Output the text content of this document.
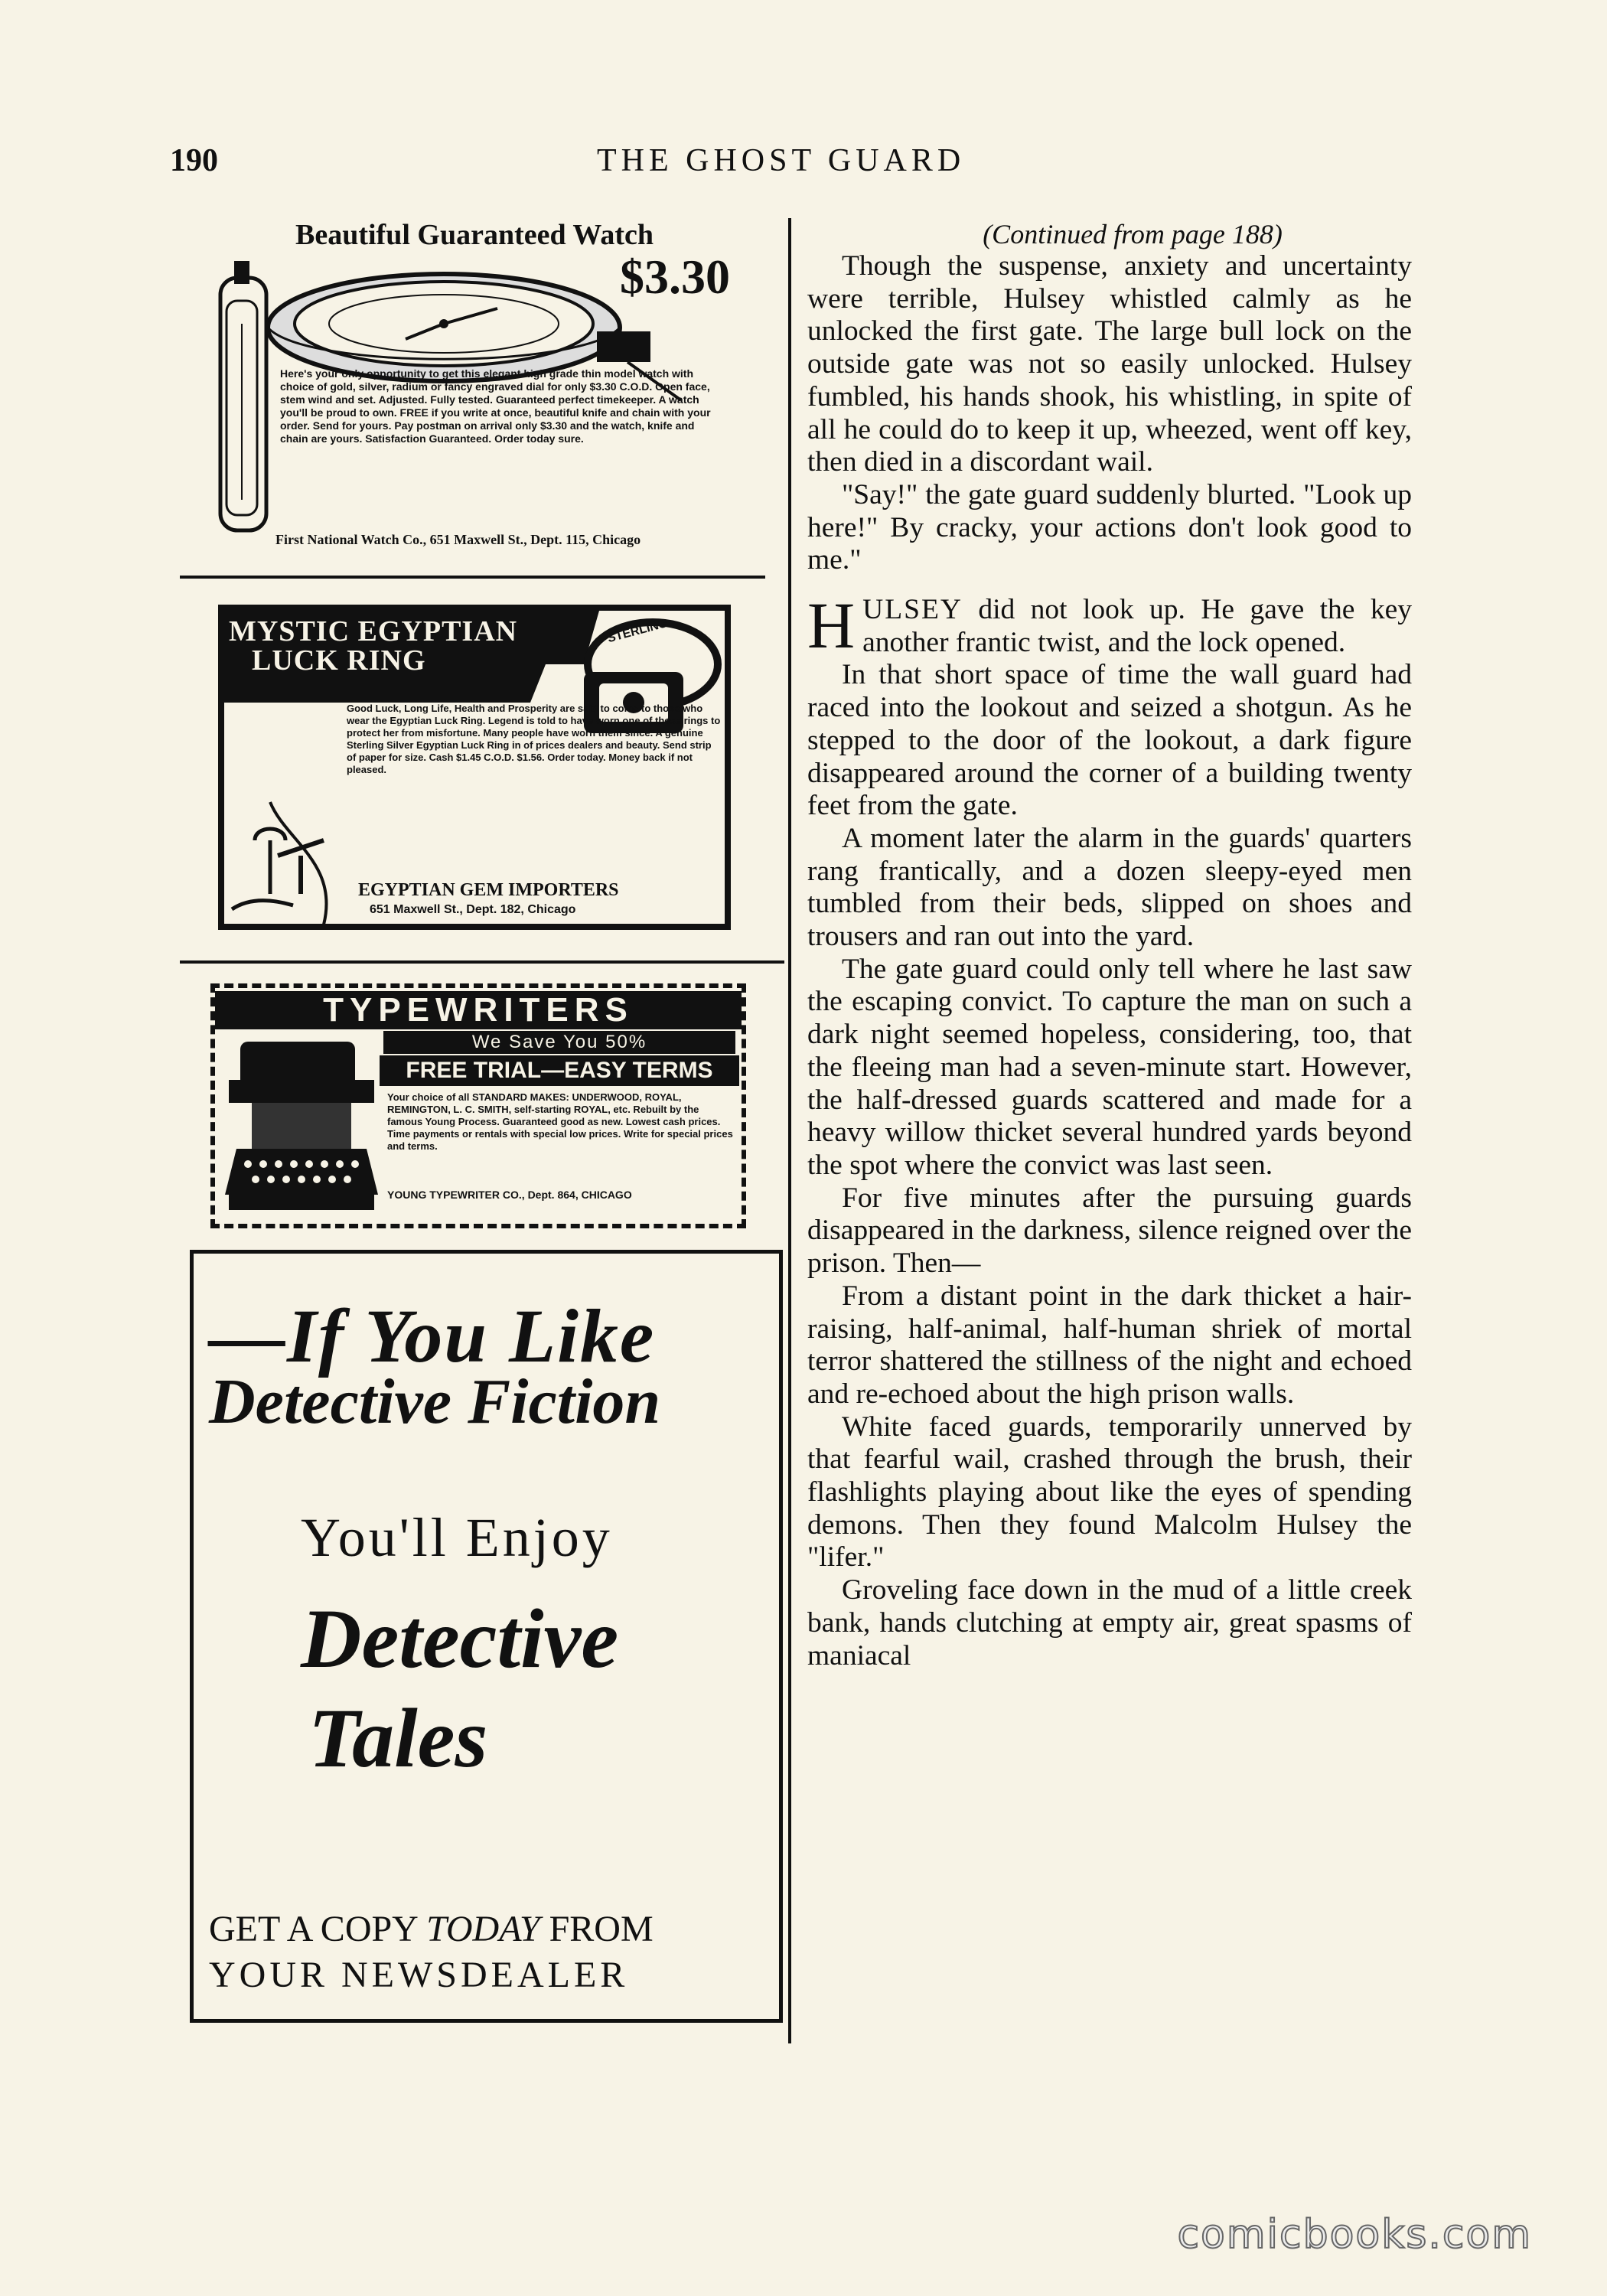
190	THE GHOST GUARD
Beautiful Guaranteed Watch
$3.30
Here's your only opportunity to get this elegant high grade thin model watch with choice of gold, silver, radium or fancy engraved dial for only $3.30 C.O.D. Open face, stem wind and set. Adjusted. Fully tested. Guaranteed perfect timekeeper. A watch you'll be proud to own. FREE if you write at once, beautiful knife and chain with your order. Send for yours. Pay postman on arrival only $3.30 and the watch, knife and chain are yours. Satisfaction Guaranteed. Order today sure.
First National Watch Co., 651 Maxwell St., Dept. 115, Chicago
MYSTIC EGYPTIAN
LUCK RING
STERLING
Good Luck, Long Life, Health and Prosperity are said to come to those who wear the Egyptian Luck Ring. Legend is told to have worn one of these rings to protect her from misfortune. Many people have worn them since. A genuine Sterling Silver Egyptian Luck Ring in of prices dealers and beauty. Send strip of paper for size. Cash $1.45 C.O.D. $1.56. Order today. Money back if not pleased.
EGYPTIAN GEM IMPORTERS
651 Maxwell St., Dept. 182, Chicago
TYPEWRITERS
We Save You 50%
FREE TRIAL—EASY TERMS
Your choice of all STANDARD MAKES: UNDERWOOD, ROYAL, REMINGTON, L. C. SMITH, self-starting ROYAL, etc. Rebuilt by the famous Young Process. Guaranteed good as new. Lowest cash prices. Time payments or rentals with special low prices. Write for special prices and terms.
YOUNG TYPEWRITER CO., Dept. 864, CHICAGO
—If You Like
Detective Fiction
You'll Enjoy
Detective
Tales
GET A COPY TODAY FROM
YOUR NEWSDEALER
(Continued from page 188)

Though the suspense, anxiety and uncertainty were terrible, Hulsey whistled calmly as he unlocked the first gate. The large bull lock on the outside gate was not so easily unlocked. Hulsey fumbled, his hands shook, his whistling, in spite of all he could do to keep it up, wheezed, went off key, then died in a discordant wail.

"Say!" the gate guard suddenly blurted. "Look up here!" By cracky, your actions don't look good to me."

HULSEY did not look up. He gave the key another frantic twist, and the lock opened.

In that short space of time the wall guard had raced into the lookout and seized a shotgun. As he stepped to the door of the lookout, a dark figure disappeared around the corner of a building twenty feet from the gate.

A moment later the alarm in the guards' quarters rang frantically, and a dozen sleepy-eyed men tumbled from their beds, slipped on shoes and trousers and ran out into the yard.

The gate guard could only tell where he last saw the escaping convict. To capture the man on such a dark night seemed hopeless, considering, too, that the fleeing man had a seven-minute start. However, the half-dressed guards scattered and made for a heavy willow thicket several hundred yards beyond the spot where the convict was last seen.

For five minutes after the pursuing guards disappeared in the darkness, silence reigned over the prison. Then—

From a distant point in the dark thicket a hair-raising, half-animal, half-human shriek of mortal terror shattered the stillness of the night and echoed and re-echoed about the high prison walls.

White faced guards, temporarily unnerved by that fearful wail, crashed through the brush, their flashlights playing about like the eyes of spending demons. Then they found Malcolm Hulsey the "lifer."

Groveling face down in the mud of a little creek bank, hands clutching at empty air, great spasms of maniacal

comicbooks.com
